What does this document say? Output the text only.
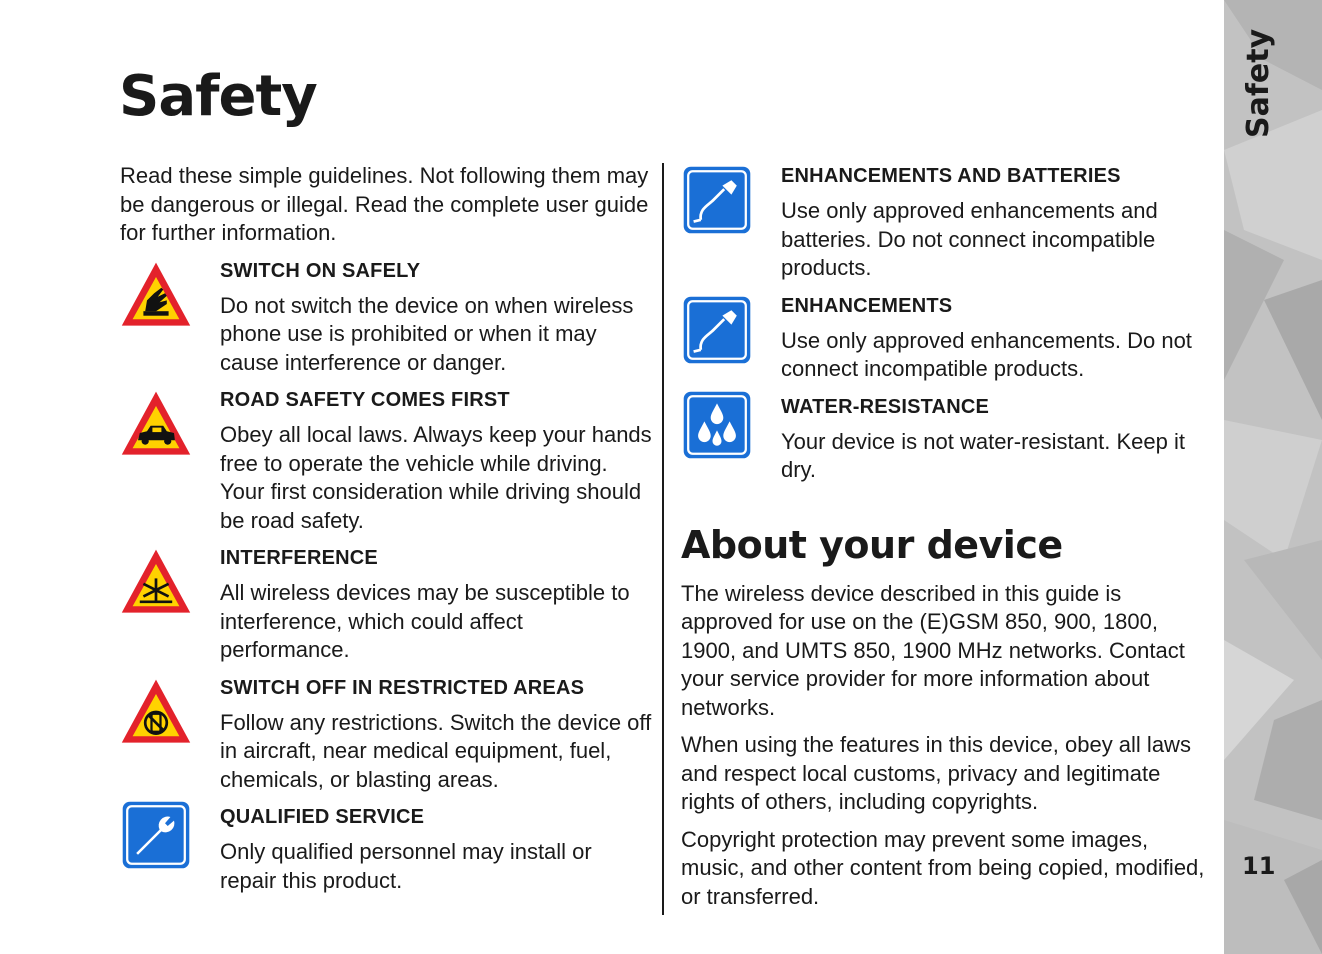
Safety

Read these simple guidelines. Not following them may be dangerous or illegal. Read the complete user guide for further information.

SWITCH ON SAFELY

Do not switch the device on when wireless phone use is prohibited or when it may cause interference or danger.

ROAD SAFETY COMES FIRST

Obey all local laws. Always keep your hands free to operate the vehicle while driving. Your first consideration while driving should be road safety.

INTERFERENCE

All wireless devices may be susceptible to interference, which could affect performance.

SWITCH OFF IN RESTRICTED AREAS

Follow any restrictions. Switch the device off in aircraft, near medical equipment, fuel, chemicals, or blasting areas.

QUALIFIED SERVICE

Only qualified personnel may install or repair this product.

ENHANCEMENTS AND BATTERIES

Use only approved enhancements and batteries. Do not connect incompatible products.

ENHANCEMENTS

Use only approved enhancements. Do not connect incompatible products.

WATER-RESISTANCE

Your device is not water-resistant. Keep it dry.

About your device

The wireless device described in this guide is approved for use on the (E)GSM 850, 900, 1800, 1900, and UMTS 850, 1900 MHz networks. Contact your service provider for more information about networks.

When using the features in this device, obey all laws and respect local customs, privacy and legitimate rights of others, including copyrights.

Copyright protection may prevent some images, music, and other content from being copied, modified, or transferred.

Safety
11
